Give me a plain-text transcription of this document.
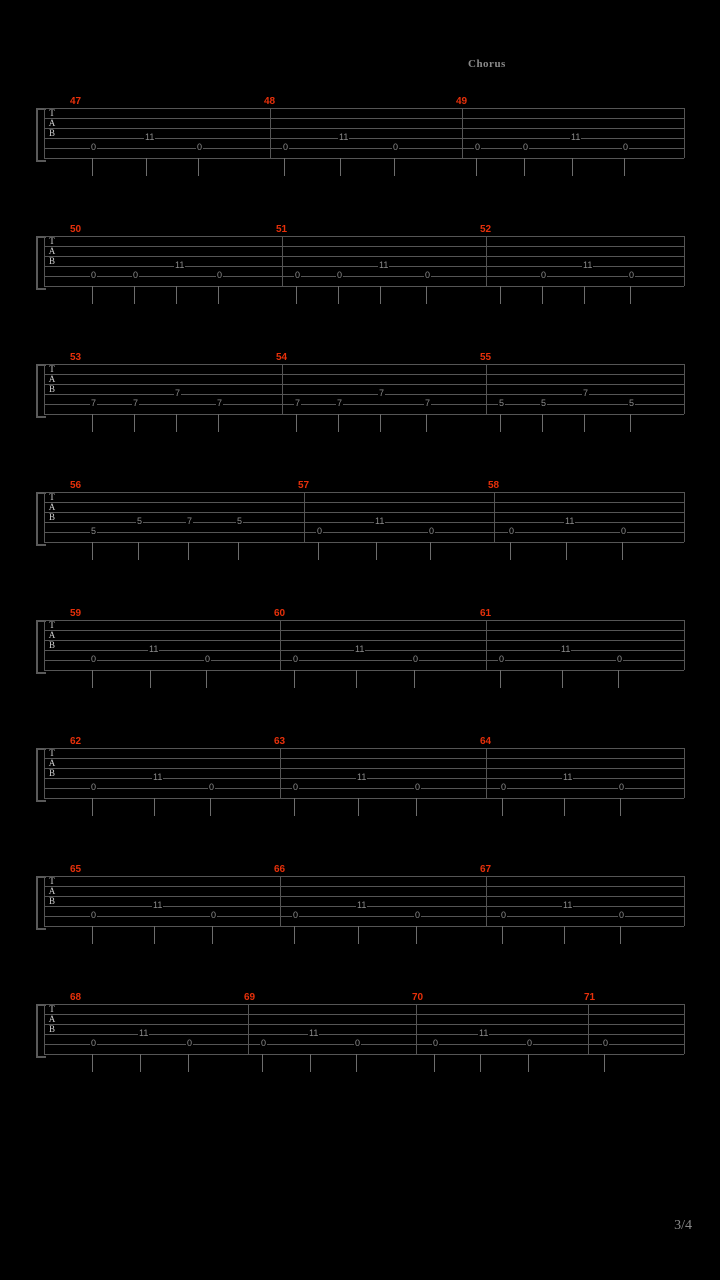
Chorus
T
A
B
47	48	49
11
0	0	0
11
0	0	0
11
0
T
A
B
50	51	52
11
0	0	0
11
0	0	0
11
0	0
T
A
B
53	54	55
7	7
7
7	7	7
7
7	5	5
7
5
T
A
B
56	57	58
5
5	7	5	11
0	0
11
0	0
T
A
B
59	60	61
11
0	0
11
0	0
11
0	0
T
A
B
62	63	64
11
0	0
11
0	0
11
0	0
T
A
B
65	66	67
11
0	0
11
0	0
11
0	0
T
A
B
68	69	70	71
11
0	0
11
0	0
11
0	0	0
3/4
